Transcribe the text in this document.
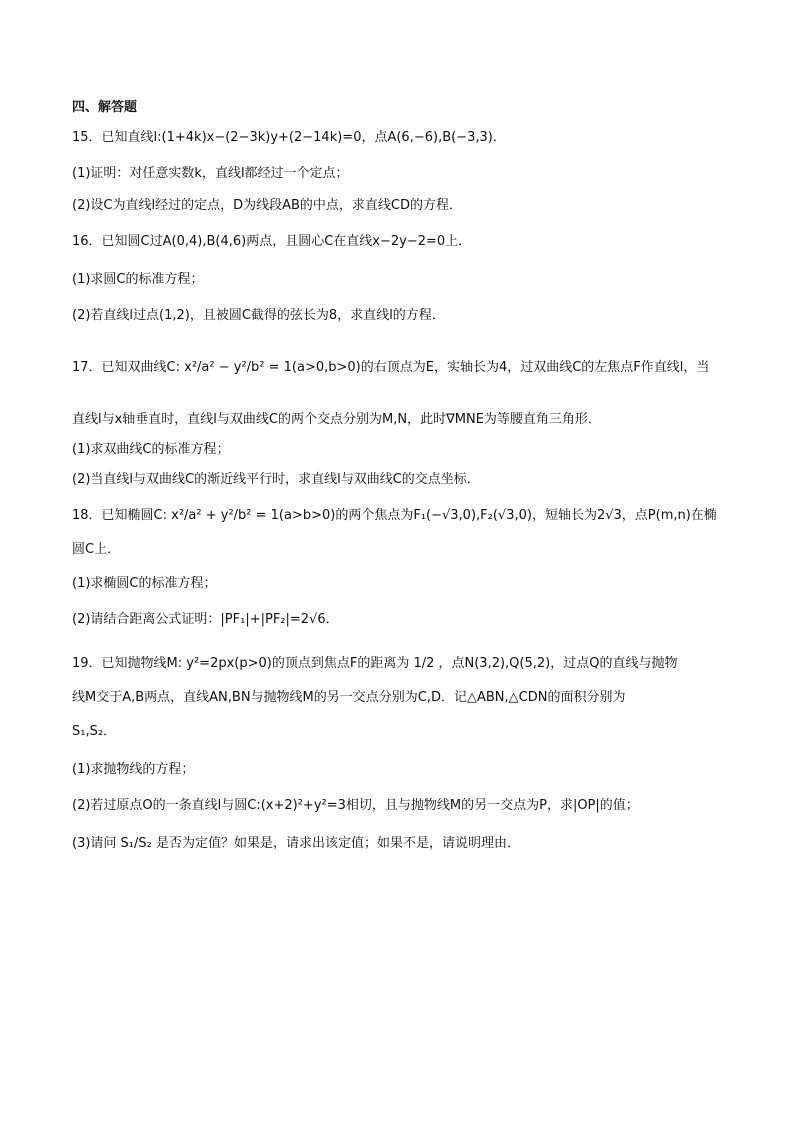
四、解答题
15．已知直线l:(1+4k)x−(2−3k)y+(2−14k)=0，点A(6,−6),B(−3,3)．
(1)证明：对任意实数k，直线l都经过一个定点；
(2)设C为直线l经过的定点，D为线段AB的中点，求直线CD的方程．
16．已知圆C过A(0,4),B(4,6)两点，且圆心C在直线x−2y−2=0上．
(1)求圆C的标准方程；
(2)若直线l过点(1,2)，且被圆C截得的弦长为8，求直线l的方程．
17．已知双曲线C: x²/a² − y²/b² = 1(a>0,b>0)的右顶点为E，实轴长为4，过双曲线C的左焦点F作直线l，当
直线l与x轴垂直时，直线l与双曲线C的两个交点分别为M,N，此时∇MNE为等腰直角三角形．
(1)求双曲线C的标准方程；
(2)当直线l与双曲线C的渐近线平行时，求直线l与双曲线C的交点坐标．
18．已知椭圆C: x²/a² + y²/b² = 1(a>b>0)的两个焦点为F₁(−√3,0),F₂(√3,0)，短轴长为2√3，点P(m,n)在椭
圆C上．
(1)求椭圆C的标准方程；
(2)请结合距离公式证明：|PF₁|+|PF₂|=2√6．
19．已知抛物线M: y²=2px(p>0)的顶点到焦点F的距离为 1/2 ，点N(3,2),Q(5,2)，过点Q的直线与抛物
线M交于A,B两点，直线AN,BN与抛物线M的另一交点分别为C,D．记△ABN,△CDN的面积分别为
S₁,S₂．
(1)求抛物线的方程；
(2)若过原点O的一条直线l与圆C:(x+2)²+y²=3相切，且与抛物线M的另一交点为P，求|OP|的值；
(3)请问 S₁/S₂ 是否为定值？如果是，请求出该定值；如果不是，请说明理由．
